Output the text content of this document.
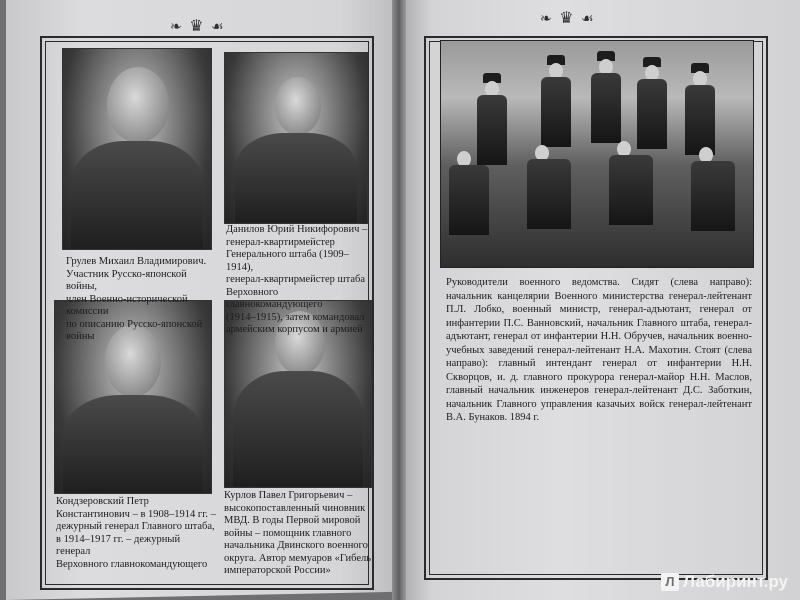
❧ ♛ ☙
Грулев Михаил Владимирович.
Участник Русско-японской войны,
член Военно-исторической комиссии
по описанию Русско-японской войны
Данилов Юрий Никифорович –
генерал-квартирмейстер
Генерального штаба (1909–1914),
генерал-квартирмейстер штаба
Верховного главнокомандующего
(1914–1915), затем командовал
армейским корпусом и армией
Кондзеровский Петр
Константинович – в 1908–1914 гг. –
дежурный генерал Главного штаба,
в 1914–1917 гг. – дежурный генерал
Верховного главнокомандующего
Курлов Павел Григорьевич –
высокопоставленный чиновник
МВД. В годы Первой мировой
войны – помощник главного
начальника Двинского военного
округа. Автор мемуаров «Гибель
императорской России»
❧ ♛ ☙
Руководители военного ведомства. Сидят (слева направо): начальник канцелярии Военного министерства генерал-лейтенант П.Л. Лобко, военный министр, генерал-адъютант, генерал от инфантерии П.С. Ванновский, начальник Главного штаба, генерал-адъютант, генерал от инфантерии Н.Н. Обручев, начальник военно-учебных заведений генерал-лейтенант Н.А. Махотин. Стоят (слева направо): главный интендант генерал от инфантерии Н.Н. Скворцов, и. д. главного прокурора генерал-майор Н.Н. Маслов, главный начальник инженеров генерал-лейтенант Д.С. Заботкин, начальник Главного управления казачьих войск генерал-лейтенант В.А. Бунаков. 1894 г.
Л Лабиринт.ру
